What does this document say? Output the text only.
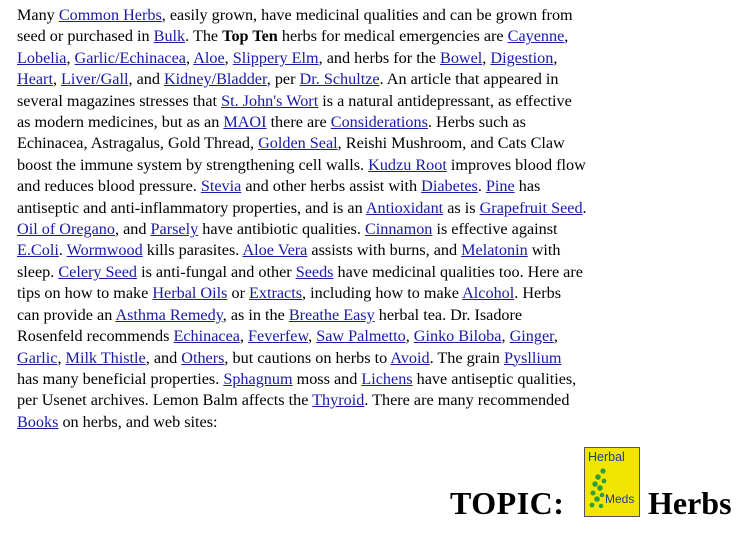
Many Common Herbs, easily grown, have medicinal qualities and can be grown from seed or purchased in Bulk. The Top Ten herbs for medical emergencies are Cayenne, Lobelia, Garlic/Echinacea, Aloe, Slippery Elm, and herbs for the Bowel, Digestion, Heart, Liver/Gall, and Kidney/Bladder, per Dr. Schultze. An article that appeared in several magazines stresses that St. John's Wort is a natural antidepressant, as effective as modern medicines, but as an MAOI there are Considerations. Herbs such as Echinacea, Astragalus, Gold Thread, Golden Seal, Reishi Mushroom, and Cats Claw boost the immune system by strengthening cell walls. Kudzu Root improves blood flow and reduces blood pressure. Stevia and other herbs assist with Diabetes. Pine has antiseptic and anti-inflammatory properties, and is an Antioxidant as is Grapefruit Seed. Oil of Oregano, and Parsely have antibiotic qualities. Cinnamon is effective against E.Coli. Wormwood kills parasites. Aloe Vera assists with burns, and Melatonin with sleep. Celery Seed is anti-fungal and other Seeds have medicinal qualities too. Here are tips on how to make Herbal Oils or Extracts, including how to make Alcohol. Herbs can provide an Asthma Remedy, as in the Breathe Easy herbal tea. Dr. Isadore Rosenfeld recommends Echinacea, Feverfew, Saw Palmetto, Ginko Biloba, Ginger, Garlic, Milk Thistle, and Others, but cautions on herbs to Avoid. The grain Pysllium has many beneficial properties. Sphagnum moss and Lichens have antiseptic qualities, per Usenet archives. Lemon Balm affects the Thyroid. There are many recommended Books on herbs, and web sites:

TOPIC:
Herbal
Meds Herbs
